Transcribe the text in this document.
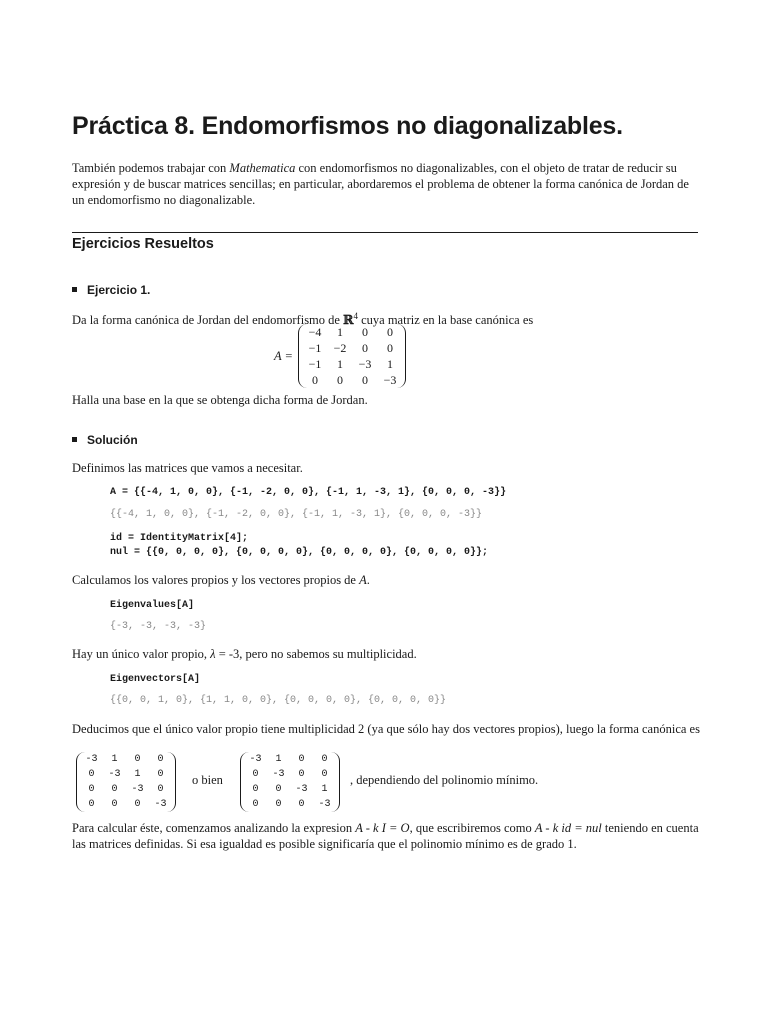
Práctica 8. Endomorfismos no diagonalizables.
También podemos trabajar con Mathematica con endomorfismos no diagonalizables, con el objeto de tratar de reducir su expresión y de buscar matrices sencillas; en particular, abordaremos el problema de obtener la forma canónica de Jordan de un endomorfismo no diagonalizable.
Ejercicios Resueltos
Ejercicio 1.
Da la forma canónica de Jordan del endomorfismo de ℝ$^4$ cuya matriz en la base canónica es
A =
−4	1	0	0
−1	−2	0	0
−1	1	−3	1
0	0	0	−3
Halla una base en la que se obtenga dicha forma de Jordan.
Solución
Definimos las matrices que vamos a necesitar.
A = {{-4, 1, 0, 0}, {-1, -2, 0, 0}, {-1, 1, -3, 1}, {0, 0, 0, -3}}
{{-4, 1, 0, 0}, {-1, -2, 0, 0}, {-1, 1, -3, 1}, {0, 0, 0, -3}}
id = IdentityMatrix[4];
nul = {{0, 0, 0, 0}, {0, 0, 0, 0}, {0, 0, 0, 0}, {0, 0, 0, 0}};
Calculamos los valores propios y los vectores propios de A.
Eigenvalues[A]
{-3, -3, -3, -3}
Hay un único valor propio, λ = -3, pero no sabemos su multiplicidad.
Eigenvectors[A]
{{0, 0, 1, 0}, {1, 1, 0, 0}, {0, 0, 0, 0}, {0, 0, 0, 0}}
Deducimos que el único valor propio tiene multiplicidad 2 (ya que sólo hay dos vectores propios), luego la forma canónica es
-3	1	0	0
0	-3	1	0
0	0	-3	0
0	0	0	-3
o bien
-3	1	0	0
0	-3	0	0
0	0	-3	1
0	0	0	-3
, dependiendo del polinomio mínimo.
Para calcular éste, comenzamos analizando la expresion A - k I = O, que escribiremos como A - k id = nul teniendo en cuenta las matrices definidas. Si esa igualdad es posible significaría que el polinomio mínimo es de grado 1.
